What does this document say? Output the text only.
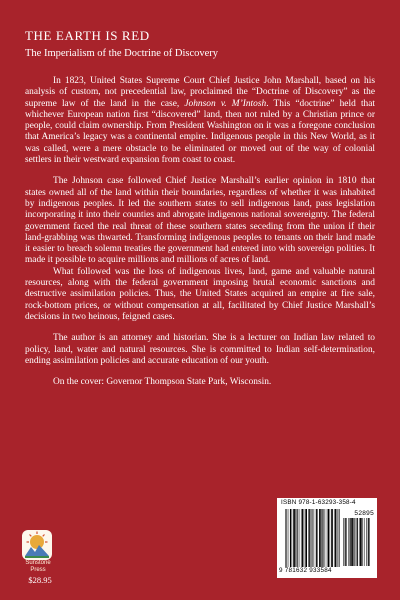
THE EARTH IS RED
The Imperialism of the Doctrine of Discovery

In 1823, United States Supreme Court Chief Justice John Marshall, based on his analysis of custom, not precedential law, proclaimed the “Doctrine of Discovery” as the supreme law of the land in the case, Johnson v. M’Intosh. This “doctrine” held that whichever European nation first “discovered” land, then not ruled by a Christian prince or people, could claim ownership. From President Washington on it was a foregone conclusion that America’s legacy was a continental empire. Indigenous people in this New World, as it was called, were a mere obstacle to be eliminated or moved out of the way of colonial settlers in their westward expansion from coast to coast.

The Johnson case followed Chief Justice Marshall’s earlier opinion in 1810 that states owned all of the land within their boundaries, regardless of whether it was inhabited by indigenous peoples. It led the southern states to sell indigenous land, pass legislation incorporating it into their counties and abrogate indigenous national sovereignty. The federal government faced the real threat of these southern states seceding from the union if their land-grabbing was thwarted. Transforming indigenous peoples to tenants on their land made it easier to breach solemn treaties the government had entered into with sovereign polities. It made it possible to acquire millions and millions of acres of land.

What followed was the loss of indigenous lives, land, game and valuable natural resources, along with the federal government imposing brutal economic sanctions and destructive assimilation policies. Thus, the United States acquired an empire at fire sale, rock-bottom prices, or without compensation at all, facilitated by Chief Justice Marshall’s decisions in two heinous, feigned cases.

The author is an attorney and historian. She is a lecturer on Indian law related to policy, land, water and natural resources. She is committed to Indian self-determination, ending assimilation policies and accurate education of our youth.

On the cover: Governor Thompson State Park, Wisconsin.

ISBN 978-1-63293-358-4
52895
9 781632 933584
Sunstone
Press
$28.95
